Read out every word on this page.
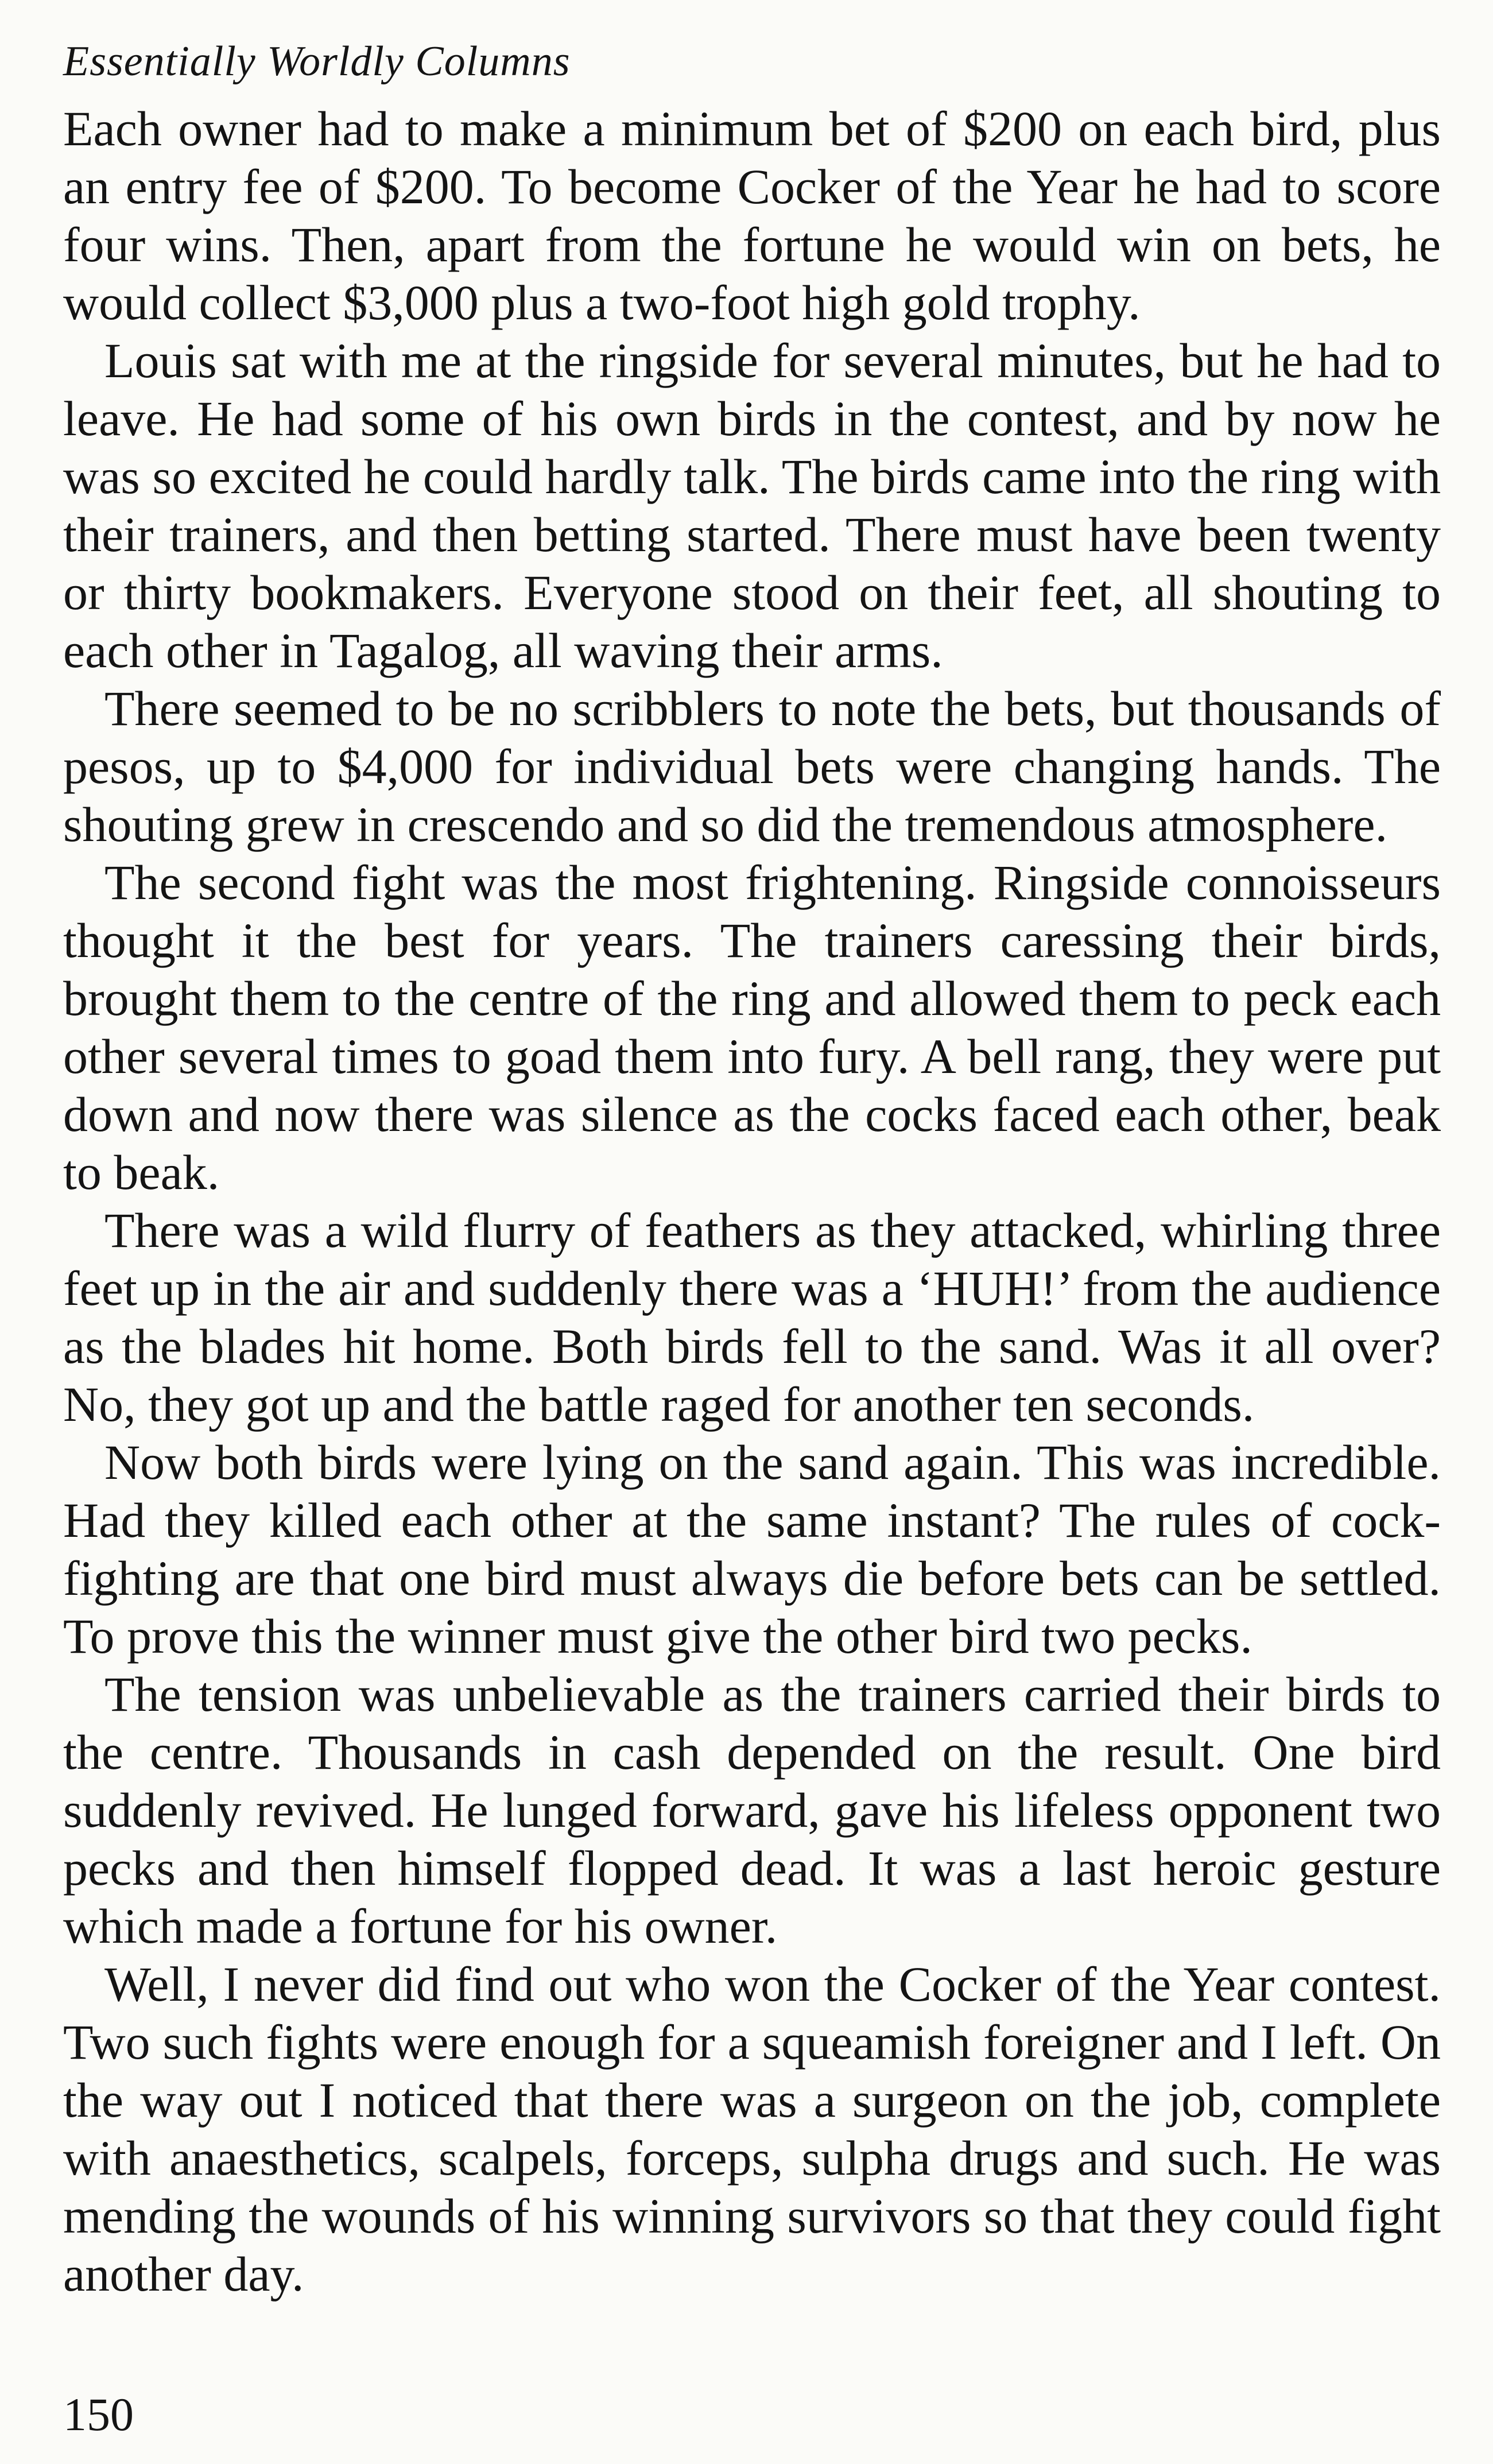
Essentially Worldly Columns

Each owner had to make a minimum bet of $200 on each bird, plus an entry fee of $200. To become Cocker of the Year he had to score four wins. Then, apart from the fortune he would win on bets, he would collect $3,000 plus a two-foot high gold trophy.

Louis sat with me at the ringside for several minutes, but he had to leave. He had some of his own birds in the contest, and by now he was so excited he could hardly talk. The birds came into the ring with their trainers, and then betting started. There must have been twenty or thirty bookmakers. Everyone stood on their feet, all shouting to each other in Tagalog, all waving their arms.

There seemed to be no scribblers to note the bets, but thousands of pesos, up to $4,000 for individual bets were changing hands. The shouting grew in crescendo and so did the tremendous atmosphere.

The second fight was the most frightening. Ringside connoisseurs thought it the best for years. The trainers caressing their birds, brought them to the centre of the ring and allowed them to peck each other several times to goad them into fury. A bell rang, they were put down and now there was silence as the cocks faced each other, beak to beak.

There was a wild flurry of feathers as they attacked, whirling three feet up in the air and suddenly there was a ‘HUH!’ from the audience as the blades hit home. Both birds fell to the sand. Was it all over? No, they got up and the battle raged for another ten seconds.

Now both birds were lying on the sand again. This was incredible. Had they killed each other at the same instant? The rules of cock-fighting are that one bird must always die before bets can be settled. To prove this the winner must give the other bird two pecks.

The tension was unbelievable as the trainers carried their birds to the centre. Thousands in cash depended on the result. One bird suddenly revived. He lunged forward, gave his lifeless opponent two pecks and then himself flopped dead. It was a last heroic gesture which made a fortune for his owner.

Well, I never did find out who won the Cocker of the Year contest. Two such fights were enough for a squeamish foreigner and I left. On the way out I noticed that there was a surgeon on the job, complete with anaesthetics, scalpels, forceps, sulpha drugs and such. He was mending the wounds of his winning survivors so that they could fight another day.

150
